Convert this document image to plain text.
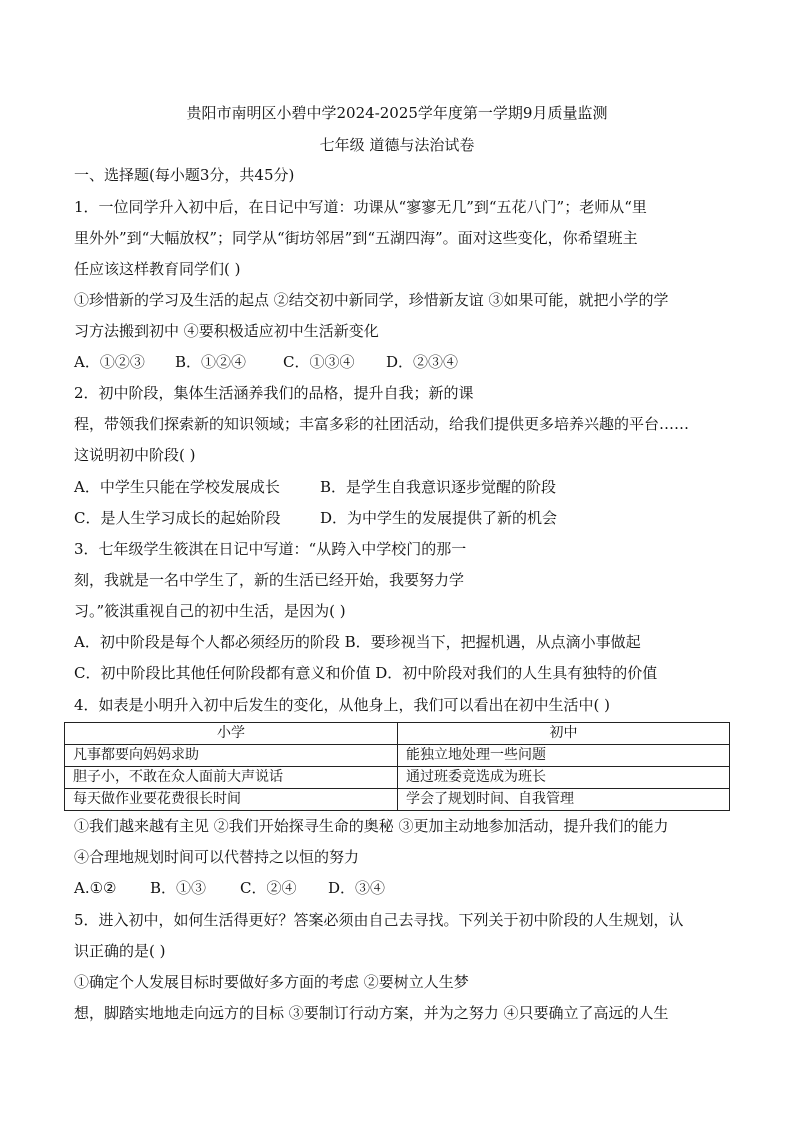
贵阳市南明区小碧中学2024-2025学年度第一学期9月质量监测
七年级 道德与法治试卷
一、选择题(每小题3分，共45分)
1．一位同学升入初中后，在日记中写道：功课从“寥寥无几”到“五花八门”；老师从“里
里外外”到“大幅放权”；同学从“街坊邻居”到“五湖四海”。面对这些变化，你希望班主
任应该这样教育同学们( )
①珍惜新的学习及生活的起点 ②结交初中新同学，珍惜新友谊 ③如果可能，就把小学的学
习方法搬到初中 ④要积极适应初中生活新变化
A．①②③ B．①②④ C．①③④ D．②③④
2．初中阶段，集体生活涵养我们的品格，提升自我；新的课
程，带领我们探索新的知识领域；丰富多彩的社团活动，给我们提供更多培养兴趣的平台……
这说明初中阶段( )
A．中学生只能在学校发展成长	B．是学生自我意识逐步觉醒的阶段
C．是人生学习成长的起始阶段	D．为中学生的发展提供了新的机会
3．七年级学生筱淇在日记中写道：“从跨入中学校门的那一
刻，我就是一名中学生了，新的生活已经开始，我要努力学
习。”筱淇重视自己的初中生活，是因为( )
A．初中阶段是每个人都必须经历的阶段 B．要珍视当下，把握机遇，从点滴小事做起
C．初中阶段比其他任何阶段都有意义和价值 D．初中阶段对我们的人生具有独特的价值
4．如表是小明升入初中后发生的变化，从他身上，我们可以看出在初中生活中( )
小学	初中
凡事都要向妈妈求助	能独立地处理一些问题
胆子小，不敢在众人面前大声说话	通过班委竞选成为班长
每天做作业要花费很长时间	学会了规划时间、自我管理
①我们越来越有主见 ②我们开始探寻生命的奥秘 ③更加主动地参加活动，提升我们的能力
④合理地规划时间可以代替持之以恒的努力
A.①② B．①③ C．②④ D．③④
5．进入初中，如何生活得更好？答案必须由自己去寻找。下列关于初中阶段的人生规划，认
识正确的是( )
①确定个人发展目标时要做好多方面的考虑 ②要树立人生梦
想，脚踏实地地走向远方的目标 ③要制订行动方案，并为之努力 ④只要确立了高远的人生
